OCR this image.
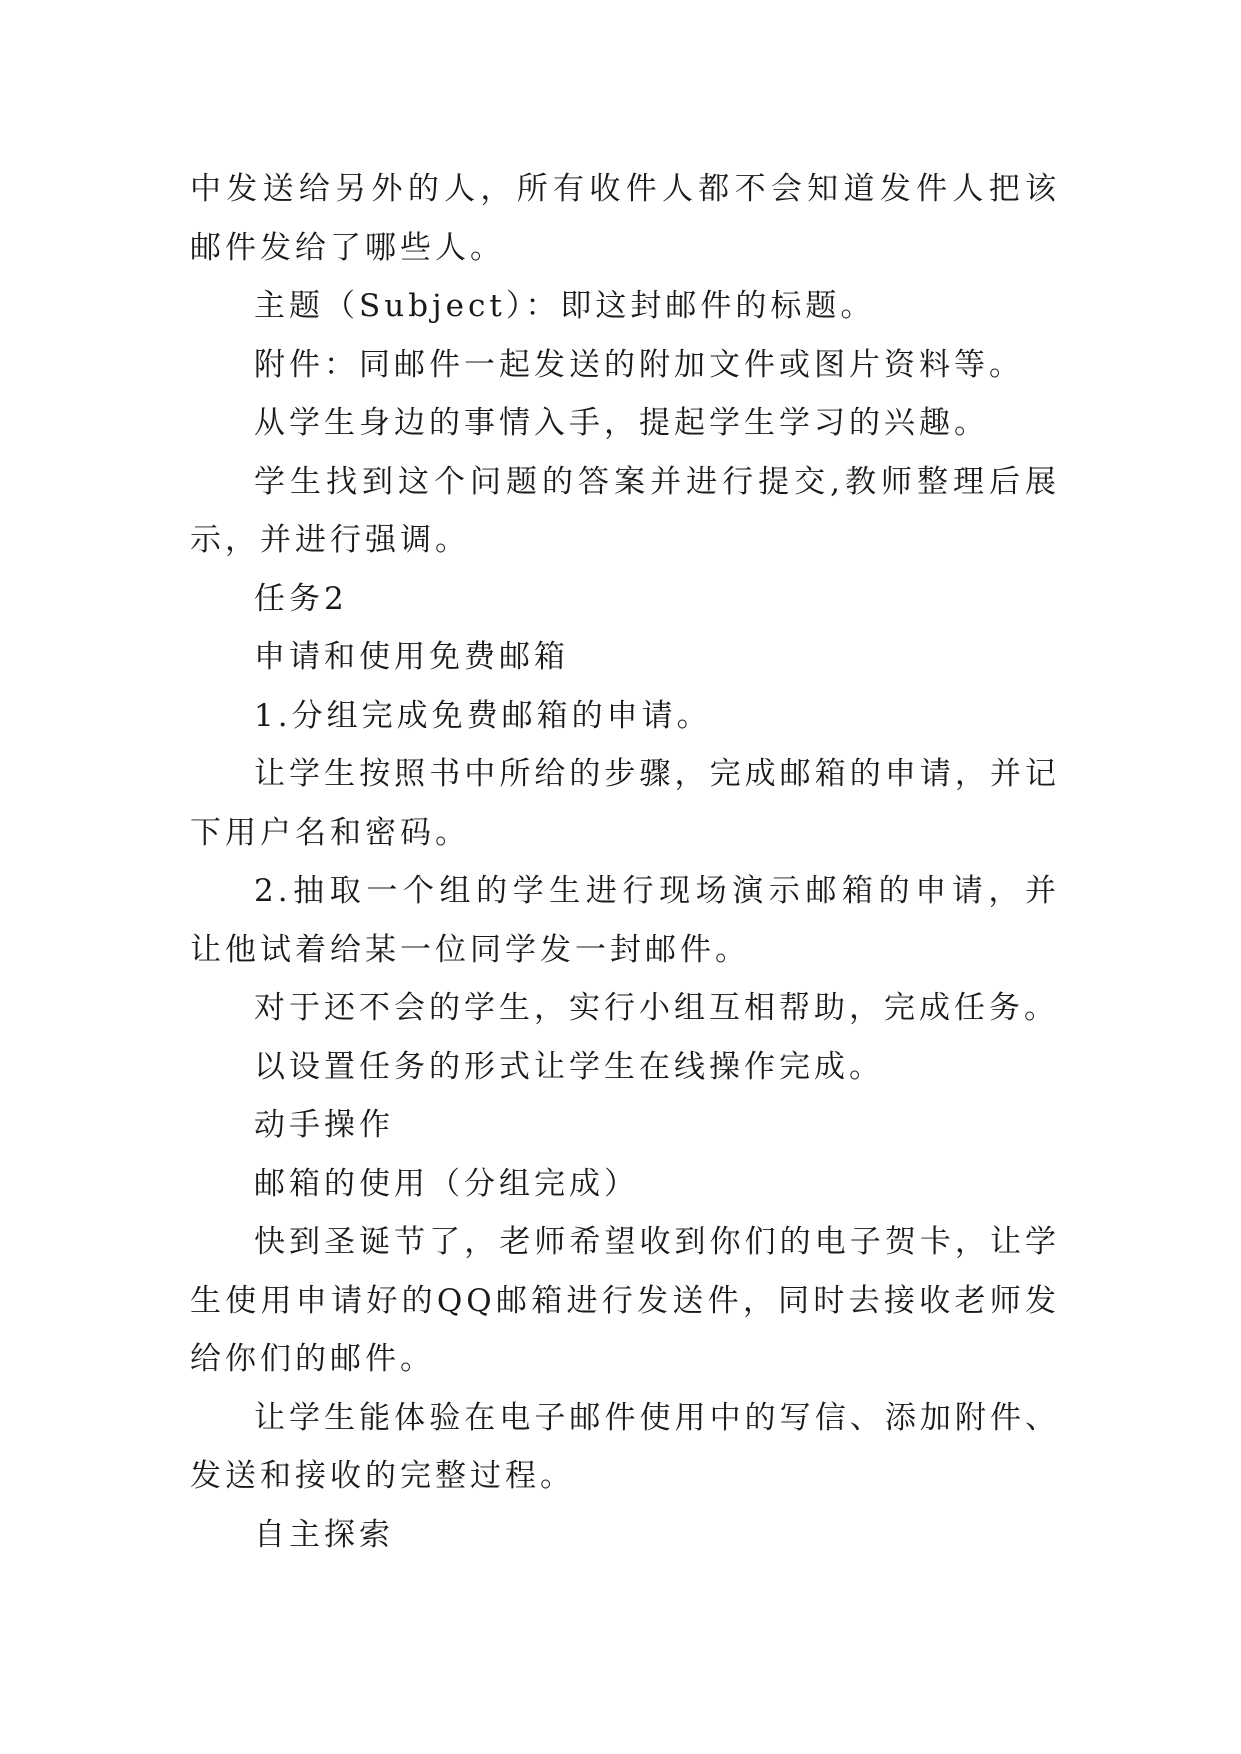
中发送给另外的人，所有收件人都不会知道发件人把该邮件发给了哪些人。

主题（Subject）：即这封邮件的标题。

附件：同邮件一起发送的附加文件或图片资料等。

从学生身边的事情入手，提起学生学习的兴趣。

学生找到这个问题的答案并进行提交,教师整理后展示，并进行强调。

任务2

申请和使用免费邮箱

1.分组完成免费邮箱的申请。

让学生按照书中所给的步骤，完成邮箱的申请，并记下用户名和密码。

2.抽取一个组的学生进行现场演示邮箱的申请，并让他试着给某一位同学发一封邮件。

对于还不会的学生，实行小组互相帮助，完成任务。

以设置任务的形式让学生在线操作完成。

动手操作

邮箱的使用（分组完成）

快到圣诞节了，老师希望收到你们的电子贺卡，让学生使用申请好的QQ邮箱进行发送件，同时去接收老师发给你们的邮件。

让学生能体验在电子邮件使用中的写信、添加附件、发送和接收的完整过程。

自主探索
